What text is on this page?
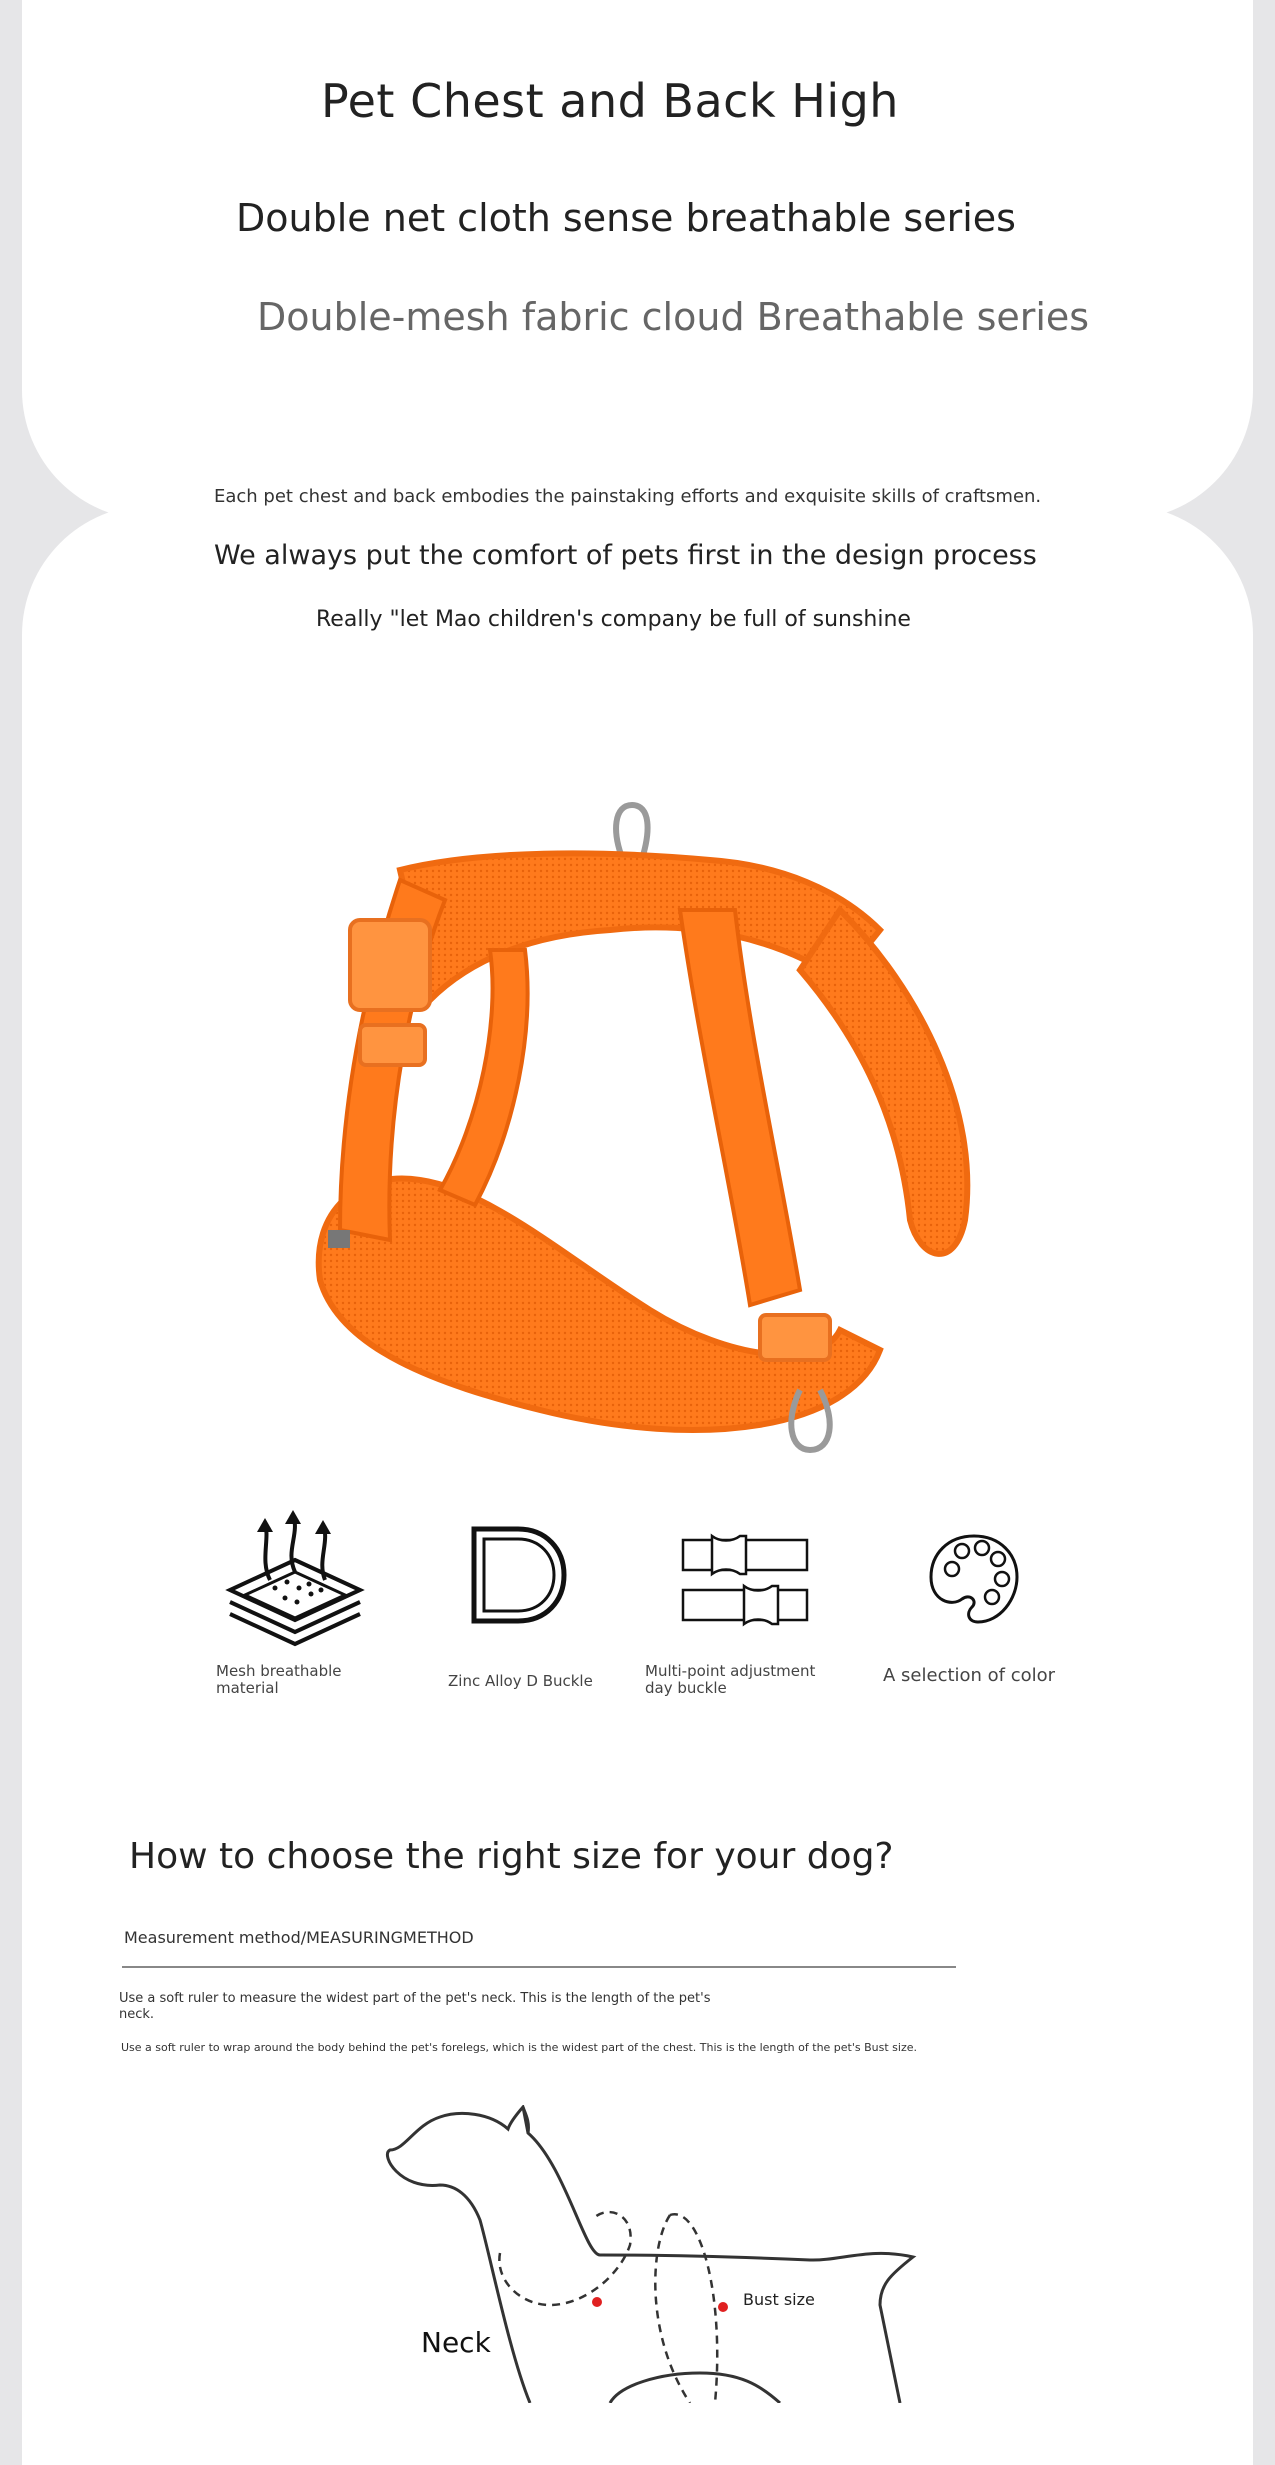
Pet Chest and Back High
Double net cloth sense breathable series
Double-mesh fabric cloud Breathable series
Each pet chest and back embodies the painstaking efforts and exquisite skills of craftsmen.
We always put the comfort of pets first in the design process
Really "let Mao children's company be full of sunshine
Mesh breathable material	Zinc Alloy D Buckle
Multi-point adjustment day buckle
A selection of color
How to choose the right size for your dog?
Measurement method/MEASURINGMETHOD
Use a soft ruler to measure the widest part of the pet's neck. This is the length of the pet's neck.
Use a soft ruler to wrap around the body behind the pet's forelegs, which is the widest part of the chest. This is the length of the pet's Bust size.
Bust size
Neck
